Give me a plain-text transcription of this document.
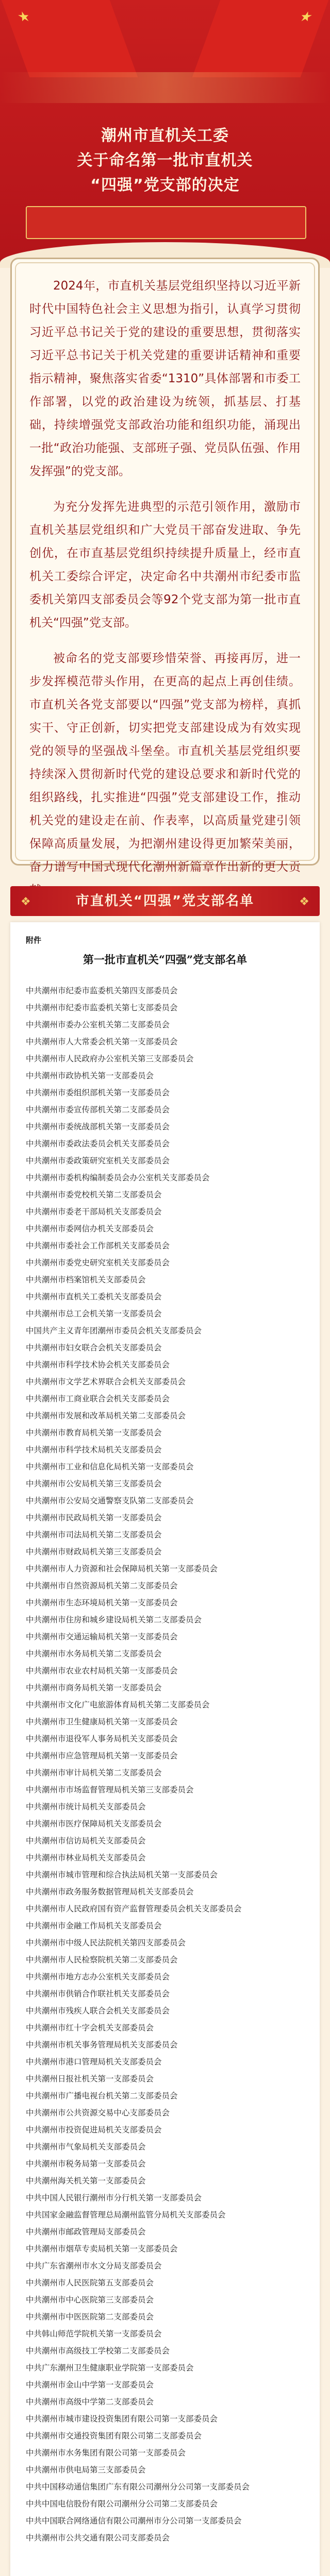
★	★
潮州市直机关工委
关于命名第一批市直机关
“四强”党支部的决定

2024年，市直机关基层党组织坚持以习近平新时代中国特色社会主义思想为指引，认真学习贯彻习近平总书记关于党的建设的重要思想，贯彻落实习近平总书记关于机关党建的重要讲话精神和重要指示精神，聚焦落实省委“1310”具体部署和市委工作部署，以党的政治建设为统领，抓基层、打基础，持续增强党支部政治功能和组织功能，涌现出一批“政治功能强、支部班子强、党员队伍强、作用发挥强”的党支部。

为充分发挥先进典型的示范引领作用，激励市直机关基层党组织和广大党员干部奋发进取、争先创优，在市直基层党组织持续提升质量上，经市直机关工委综合评定，决定命名中共潮州市纪委市监委机关第四支部委员会等92个党支部为第一批市直机关“四强”党支部。

被命名的党支部要珍惜荣誉、再接再厉，进一步发挥模范带头作用，在更高的起点上再创佳绩。市直机关各党支部要以“四强”党支部为榜样，真抓实干、守正创新，切实把党支部建设成为有效实现党的领导的坚强战斗堡垒。市直机关基层党组织要持续深入贯彻新时代党的建设总要求和新时代党的组织路线，扎实推进“四强”党支部建设工作，推动机关党的建设走在前、作表率，以高质量党建引领保障高质量发展，为把潮州建设得更加繁荣美丽，奋力谱写中国式现代化潮州新篇章作出新的更大贡

❖	市直机关“四强”党支部名单	❖
附件
第一批市直机关“四强”党支部名单
中共潮州市纪委市监委机关第四支部委员会
中共潮州市纪委市监委机关第七支部委员会
中共潮州市委办公室机关第二支部委员会
中共潮州市人大常委会机关第一支部委员会
中共潮州市人民政府办公室机关第三支部委员会
中共潮州市政协机关第一支部委员会
中共潮州市委组织部机关第一支部委员会
中共潮州市委宣传部机关第二支部委员会
中共潮州市委统战部机关第一支部委员会
中共潮州市委政法委员会机关支部委员会
中共潮州市委政策研究室机关支部委员会
中共潮州市委机构编制委员会办公室机关支部委员会
中共潮州市委党校机关第二支部委员会
中共潮州市委老干部局机关支部委员会
中共潮州市委网信办机关支部委员会
中共潮州市委社会工作部机关支部委员会
中共潮州市委党史研究室机关支部委员会
中共潮州市档案馆机关支部委员会
中共潮州市直机关工委机关支部委员会
中共潮州市总工会机关第一支部委员会
中国共产主义青年团潮州市委员会机关支部委员会
中共潮州市妇女联合会机关支部委员会
中共潮州市科学技术协会机关支部委员会
中共潮州市文学艺术界联合会机关支部委员会
中共潮州市工商业联合会机关支部委员会
中共潮州市发展和改革局机关第二支部委员会
中共潮州市教育局机关第一支部委员会
中共潮州市科学技术局机关支部委员会
中共潮州市工业和信息化局机关第一支部委员会
中共潮州市公安局机关第三支部委员会
中共潮州市公安局交通警察支队第二支部委员会
中共潮州市民政局机关第一支部委员会
中共潮州市司法局机关第二支部委员会
中共潮州市财政局机关第三支部委员会
中共潮州市人力资源和社会保障局机关第一支部委员会
中共潮州市自然资源局机关第二支部委员会
中共潮州市生态环境局机关第一支部委员会
中共潮州市住房和城乡建设局机关第二支部委员会
中共潮州市交通运输局机关第一支部委员会
中共潮州市水务局机关第二支部委员会
中共潮州市农业农村局机关第一支部委员会
中共潮州市商务局机关第一支部委员会
中共潮州市文化广电旅游体育局机关第二支部委员会
中共潮州市卫生健康局机关第一支部委员会
中共潮州市退役军人事务局机关支部委员会
中共潮州市应急管理局机关第一支部委员会
中共潮州市审计局机关第二支部委员会
中共潮州市市场监督管理局机关第三支部委员会
中共潮州市统计局机关支部委员会
中共潮州市医疗保障局机关支部委员会
中共潮州市信访局机关支部委员会
中共潮州市林业局机关支部委员会
中共潮州市城市管理和综合执法局机关第一支部委员会
中共潮州市政务服务数据管理局机关支部委员会
中共潮州市人民政府国有资产监督管理委员会机关支部委员会
中共潮州市金融工作局机关支部委员会
中共潮州市中级人民法院机关第四支部委员会
中共潮州市人民检察院机关第二支部委员会
中共潮州市地方志办公室机关支部委员会
中共潮州市供销合作联社机关支部委员会
中共潮州市残疾人联合会机关支部委员会
中共潮州市红十字会机关支部委员会
中共潮州市机关事务管理局机关支部委员会
中共潮州市港口管理局机关支部委员会
中共潮州日报社机关第一支部委员会
中共潮州市广播电视台机关第二支部委员会
中共潮州市公共资源交易中心支部委员会
中共潮州市投资促进局机关支部委员会
中共潮州市气象局机关支部委员会
中共潮州市税务局第一支部委员会
中共潮州海关机关第一支部委员会
中共中国人民银行潮州市分行机关第一支部委员会
中共国家金融监督管理总局潮州监管分局机关支部委员会
中共潮州市邮政管理局支部委员会
中共潮州市烟草专卖局机关第一支部委员会
中共广东省潮州市水文分局支部委员会
中共潮州市人民医院第五支部委员会
中共潮州市中心医院第三支部委员会
中共潮州市中医医院第二支部委员会
中共韩山师范学院机关第一支部委员会
中共潮州市高级技工学校第二支部委员会
中共广东潮州卫生健康职业学院第一支部委员会
中共潮州市金山中学第一支部委员会
中共潮州市高级中学第二支部委员会
中共潮州市城市建设投资集团有限公司第一支部委员会
中共潮州市交通投资集团有限公司第二支部委员会
中共潮州市水务集团有限公司第一支部委员会
中共潮州市供电局第三支部委员会
中共中国移动通信集团广东有限公司潮州分公司第一支部委员会
中共中国电信股份有限公司潮州分公司第二支部委员会
中共中国联合网络通信有限公司潮州市分公司第一支部委员会
中共潮州市公共交通有限公司支部委员会
